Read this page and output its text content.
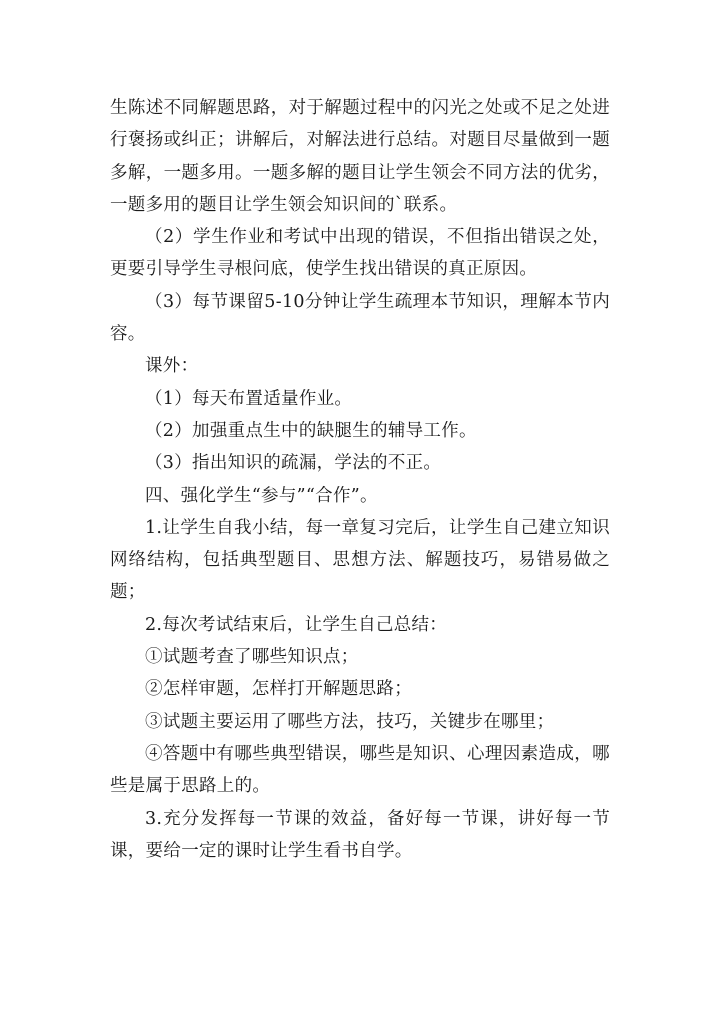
生陈述不同解题思路，对于解题过程中的闪光之处或不足之处进行褒扬或纠正；讲解后，对解法进行总结。对题目尽量做到一题多解，一题多用。一题多解的题目让学生领会不同方法的优劣，一题多用的题目让学生领会知识间的`联系。

（2）学生作业和考试中出现的错误，不但指出错误之处，更要引导学生寻根问底，使学生找出错误的真正原因。

（3）每节课留5-10分钟让学生疏理本节知识，理解本节内容。

课外：

（1）每天布置适量作业。

（2）加强重点生中的缺腿生的辅导工作。

（3）指出知识的疏漏，学法的不正。

四、强化学生“参与”“合作”。

1.让学生自我小结，每一章复习完后，让学生自己建立知识网络结构，包括典型题目、思想方法、解题技巧，易错易做之题；

2.每次考试结束后，让学生自己总结：

①试题考查了哪些知识点；

②怎样审题，怎样打开解题思路；

③试题主要运用了哪些方法，技巧，关键步在哪里；

④答题中有哪些典型错误，哪些是知识、心理因素造成，哪些是属于思路上的。

3.充分发挥每一节课的效益，备好每一节课，讲好每一节课，要给一定的课时让学生看书自学。
